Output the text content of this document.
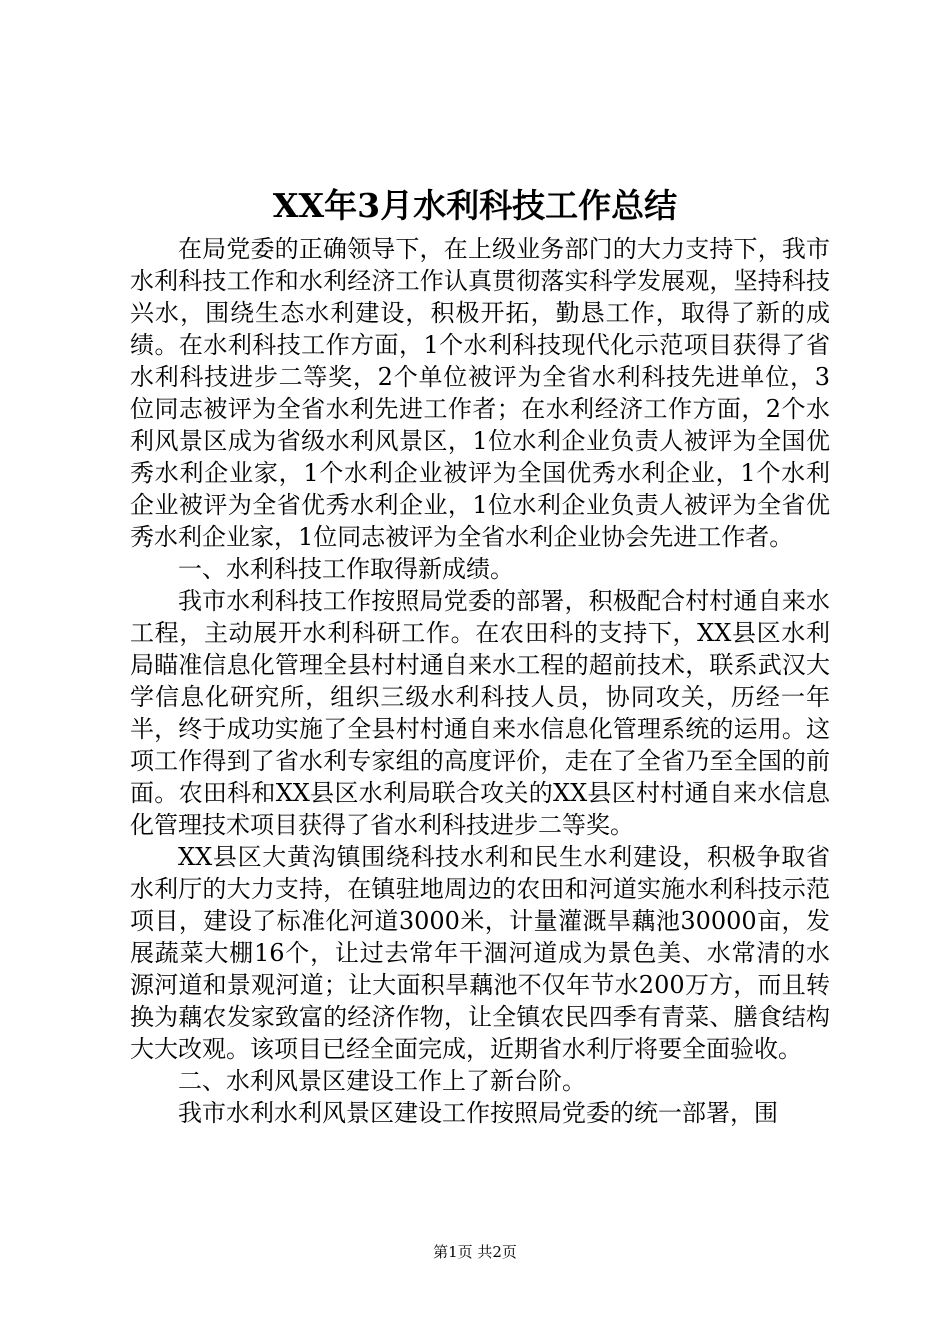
XX年3月水利科技工作总结

在局党委的正确领导下，在上级业务部门的大力支持下，我市水利科技工作和水利经济工作认真贯彻落实科学发展观，坚持科技兴水，围绕生态水利建设，积极开拓，勤恳工作，取得了新的成绩。在水利科技工作方面，1个水利科技现代化示范项目获得了省水利科技进步二等奖，2个单位被评为全省水利科技先进单位，3位同志被评为全省水利先进工作者；在水利经济工作方面，2个水利风景区成为省级水利风景区，1位水利企业负责人被评为全国优秀水利企业家，1个水利企业被评为全国优秀水利企业，1个水利企业被评为全省优秀水利企业，1位水利企业负责人被评为全省优秀水利企业家，1位同志被评为全省水利企业协会先进工作者。

一、水利科技工作取得新成绩。

我市水利科技工作按照局党委的部署，积极配合村村通自来水工程，主动展开水利科研工作。在农田科的支持下，XX县区水利局瞄准信息化管理全县村村通自来水工程的超前技术，联系武汉大学信息化研究所，组织三级水利科技人员，协同攻关，历经一年半，终于成功实施了全县村村通自来水信息化管理系统的运用。这项工作得到了省水利专家组的高度评价，走在了全省乃至全国的前面。农田科和XX县区水利局联合攻关的XX县区村村通自来水信息化管理技术项目获得了省水利科技进步二等奖。

XX县区大黄沟镇围绕科技水利和民生水利建设，积极争取省水利厅的大力支持，在镇驻地周边的农田和河道实施水利科技示范项目，建设了标准化河道3000米，计量灌溉旱藕池30000亩，发展蔬菜大棚16个，让过去常年干涸河道成为景色美、水常清的水源河道和景观河道；让大面积旱藕池不仅年节水200万方，而且转换为藕农发家致富的经济作物，让全镇农民四季有青菜、膳食结构大大改观。该项目已经全面完成，近期省水利厅将要全面验收。

二、水利风景区建设工作上了新台阶。

我市水利水利风景区建设工作按照局党委的统一部署，围

第1页 共2页
